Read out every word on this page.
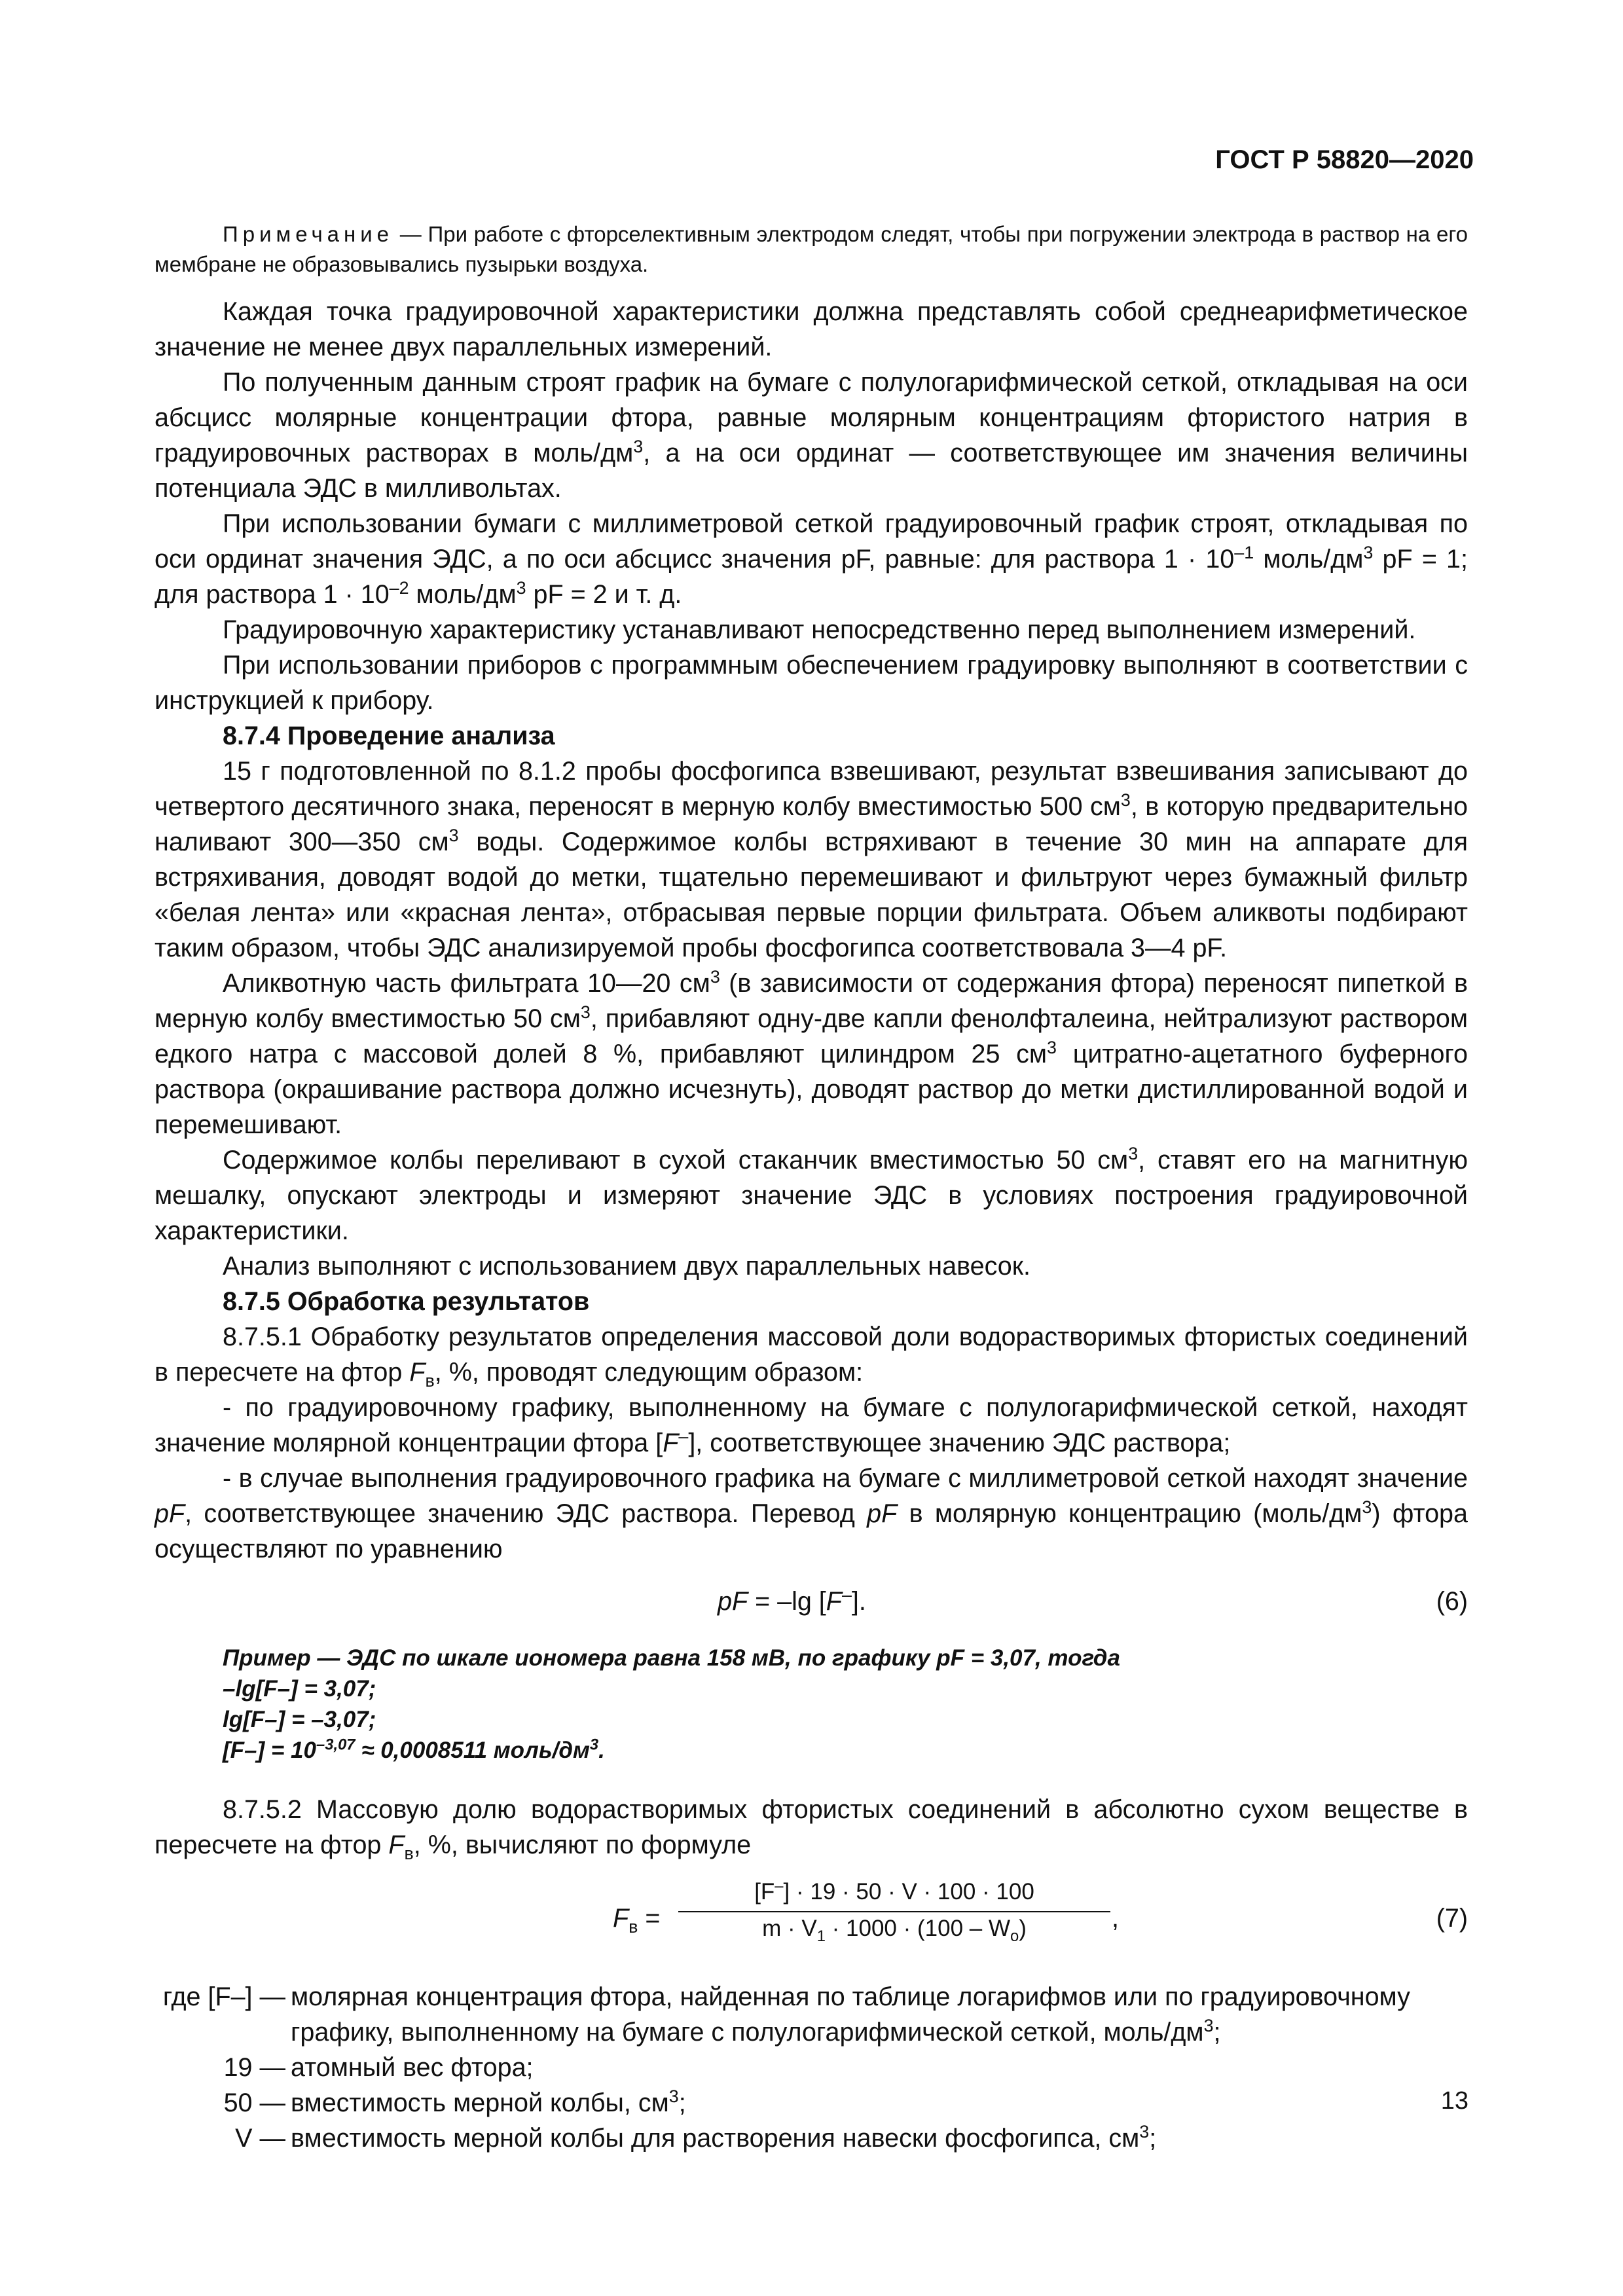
ГОСТ Р 58820—2020

Примечание — При работе с фторселективным электродом следят, чтобы при погружении электрода в раствор на его мембране не образовывались пузырьки воздуха.

Каждая точка градуировочной характеристики должна представлять собой среднеарифметическое значение не менее двух параллельных измерений.

По полученным данным строят график на бумаге с полулогарифмической сеткой, откладывая на оси абсцисс молярные концентрации фтора, равные молярным концентрациям фтористого натрия в градуировочных растворах в моль/$дм^3$, а на оси ординат — соответствующее им значения величины потенциала ЭДС в милливольтах.

При использовании бумаги с миллиметровой сеткой градуировочный график строят, откладывая по оси ординат значения ЭДС, а по оси абсцисс значения pF, равные: для раствора $1 \cdot 10^{-1}$ моль/$дм^3$ pF = 1; для раствора $1 \cdot 10^{-2}$ моль/$дм^3$ pF = 2 и т. д.

Градуировочную характеристику устанавливают непосредственно перед выполнением измерений.

При использовании приборов с программным обеспечением градуировку выполняют в соответствии с инструкцией к прибору.

8.7.4 Проведение анализа

15 г подготовленной по 8.1.2 пробы фосфогипса взвешивают, результат взвешивания записывают до четвертого десятичного знака, переносят в мерную колбу вместимостью 500 $см^3$, в которую предварительно наливают 300—350 $см^3$ воды. Содержимое колбы встряхивают в течение 30 мин на аппарате для встряхивания, доводят водой до метки, тщательно перемешивают и фильтруют через бумажный фильтр «белая лента» или «красная лента», отбрасывая первые порции фильтрата. Объем аликвоты подбирают таким образом, чтобы ЭДС анализируемой пробы фосфогипса соответствовала 3—4 pF.

Аликвотную часть фильтрата 10—20 $см^3$ (в зависимости от содержания фтора) переносят пипеткой в мерную колбу вместимостью 50 $см^3$, прибавляют одну-две капли фенолфталеина, нейтрализуют раствором едкого натра с массовой долей 8 %, прибавляют цилиндром 25 $см^3$ цитратно-ацетатного буферного раствора (окрашивание раствора должно исчезнуть), доводят раствор до метки дистиллированной водой и перемешивают.

Содержимое колбы переливают в сухой стаканчик вместимостью 50 $см^3$, ставят его на магнитную мешалку, опускают электроды и измеряют значение ЭДС в условиях построения градуировочной характеристики.

Анализ выполняют с использованием двух параллельных навесок.

8.7.5 Обработка результатов

8.7.5.1 Обработку результатов определения массовой доли водорастворимых фтористых соединений в пересчете на фтор $F_в$, %, проводят следующим образом:

- по градуировочному графику, выполненному на бумаге с полулогарифмической сеткой, находят значение молярной концентрации фтора [F–], соответствующее значению ЭДС раствора;

- в случае выполнения градуировочного графика на бумаге с миллиметровой сеткой находят значение pF, соответствующее значению ЭДС раствора. Перевод pF в молярную концентрацию $(моль/дм^3)$ фтора осуществляют по уравнению

pF = –lg [F–].	(6)
Пример — ЭДС по шкале иономера равна 158 мВ, по графику pF = 3,07, тогда
–lg[F–] = 3,07;
lg[F–] = –3,07;
$[F-] = 10^{-3,07} \approx 0,0008511$ моль/$дм^3$.

8.7.5.2 Массовую долю водорастворимых фтористых соединений в абсолютно сухом веществе в пересчете на фтор $F_в$, %, вычисляют по формуле

$F_в = \frac{[F^-] \cdot 19 \cdot 50 \cdot V \cdot 100 \cdot 100}{m \cdot V_1 \cdot 1000 \cdot (100 - W_o)}$ ,	(7)
где [F–] — молярная концентрация фтора, найденная по таблице логарифмов или по градуировочному графику, выполненному на бумаге с полулогарифмической сеткой, моль/$дм^3$;
19 — атомный вес фтора;
50 — вместимость мерной колбы, $см^3$;
V — вместимость мерной колбы для растворения навески фосфогипса, $см^3$;
13
